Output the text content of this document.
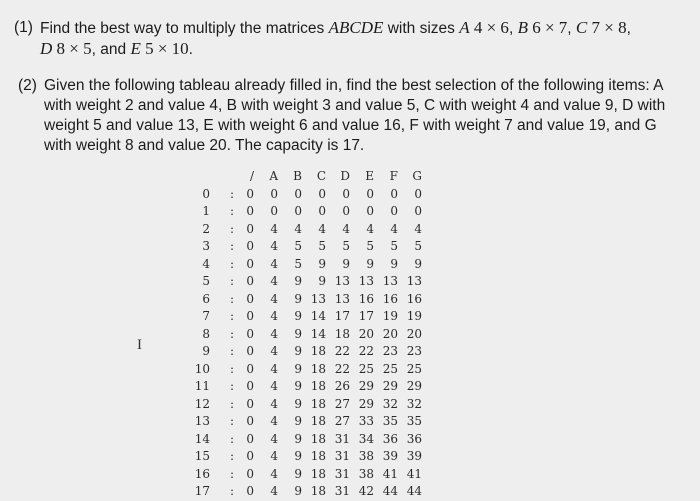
(1) Find the best way to multiply the matrices ABCDE with sizes A 4 × 6, B 6 × 7, C 7 × 8,
D 8 × 5, and E 5 × 10.
(2) Given the following tableau already filled in, find the best selection of the following items: A
with weight 2 and value 4, B with weight 3 and value 5, C with weight 4 and value 9, D with
weight 5 and value 13, E with weight 6 and value 16, F with weight 7 and value 19, and G
with weight 8 and value 20. The capacity is 17.
		/	A	B	C	D	E	F	G
0	:	0	0	0	0	0	0	0	0
1	:	0	0	0	0	0	0	0	0
2	:	0	4	4	4	4	4	4	4
3	:	0	4	5	5	5	5	5	5
4	:	0	4	5	9	9	9	9	9
5	:	0	4	9	9	13	13	13	13
6	:	0	4	9	13	13	16	16	16
7	:	0	4	9	14	17	17	19	19
8	:	0	4	9	14	18	20	20	20
9	:	0	4	9	18	22	22	23	23
10	:	0	4	9	18	22	25	25	25
11	:	0	4	9	18	26	29	29	29
12	:	0	4	9	18	27	29	32	32
13	:	0	4	9	18	27	33	35	35
14	:	0	4	9	18	31	34	36	36
15	:	0	4	9	18	31	38	39	39
16	:	0	4	9	18	31	38	41	41
17	:	0	4	9	18	31	42	44	44
I
